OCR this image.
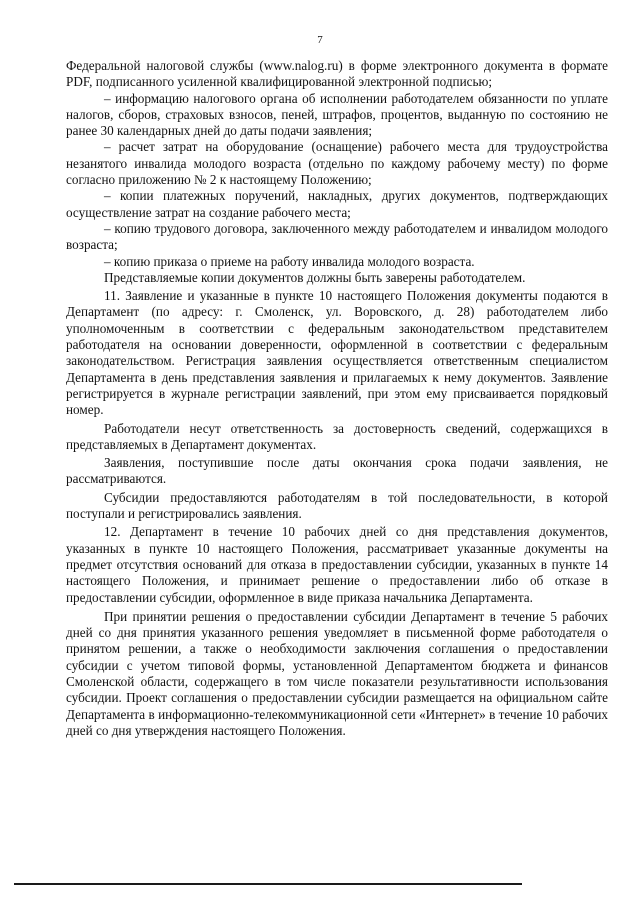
7

Федеральной налоговой службы (www.nalog.ru) в форме электронного документа в формате PDF, подписанного усиленной квалифицированной электронной подписью;

– информацию налогового органа об исполнении работодателем обязанности по уплате налогов, сборов, страховых взносов, пеней, штрафов, процентов, выданную по состоянию не ранее 30 календарных дней до даты подачи заявления;

– расчет затрат на оборудование (оснащение) рабочего места для трудоустройства незанятого инвалида молодого возраста (отдельно по каждому рабочему месту) по форме согласно приложению № 2 к настоящему Положению;

– копии платежных поручений, накладных, других документов, подтверждающих осуществление затрат на создание рабочего места;

– копию трудового договора, заключенного между работодателем и инвалидом молодого возраста;

– копию приказа о приеме на работу инвалида молодого возраста.

Представляемые копии документов должны быть заверены работодателем.

11. Заявление и указанные в пункте 10 настоящего Положения документы подаются в Департамент (по адресу: г. Смоленск, ул. Воровского, д. 28) работодателем либо уполномоченным в соответствии с федеральным законодательством представителем работодателя на основании доверенности, оформленной в соответствии с федеральным законодательством. Регистрация заявления осуществляется ответственным специалистом Департамента в день представления заявления и прилагаемых к нему документов. Заявление регистрируется в журнале регистрации заявлений, при этом ему присваивается порядковый номер.

Работодатели несут ответственность за достоверность сведений, содержащихся в представляемых в Департамент документах.

Заявления, поступившие после даты окончания срока подачи заявления, не рассматриваются.

Субсидии предоставляются работодателям в той последовательности, в которой поступали и регистрировались заявления.

12. Департамент в течение 10 рабочих дней со дня представления документов, указанных в пункте 10 настоящего Положения, рассматривает указанные документы на предмет отсутствия оснований для отказа в предоставлении субсидии, указанных в пункте 14 настоящего Положения, и принимает решение о предоставлении либо об отказе в предоставлении субсидии, оформленное в виде приказа начальника Департамента.

При принятии решения о предоставлении субсидии Департамент в течение 5 рабочих дней со дня принятия указанного решения уведомляет в письменной форме работодателя о принятом решении, а также о необходимости заключения соглашения о предоставлении субсидии с учетом типовой формы, установленной Департаментом бюджета и финансов Смоленской области, содержащего в том числе показатели результативности использования субсидии. Проект соглашения о предоставлении субсидии размещается на официальном сайте Департамента в информационно-телекоммуникационной сети «Интернет» в течение 10 рабочих дней со дня утверждения настоящего Положения.
